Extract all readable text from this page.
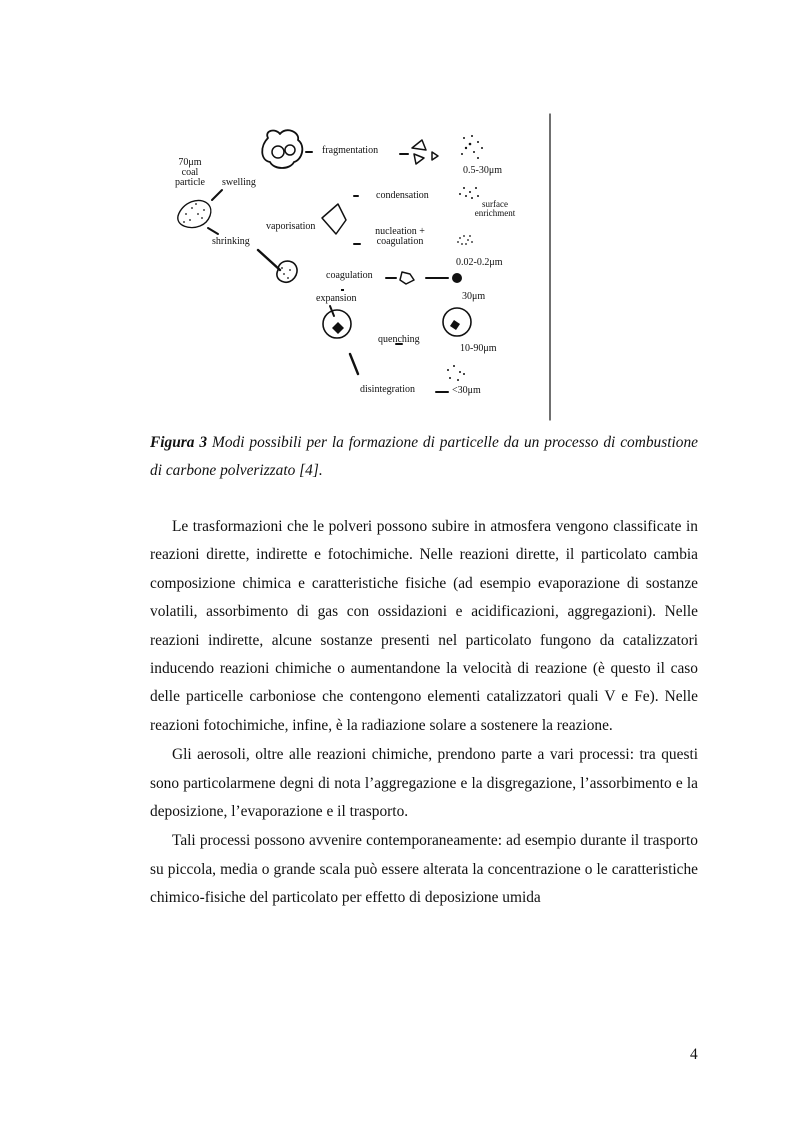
70μm
coal
particle	swelling
fragmentation
0.5-30μm
condensation
surface
enrichment
vaporisation
shrinking
nucleation +
coagulation
0.02-0.2μm
coagulation
expansion	30μm
quenching
10-90μm
disintegration	<30μm
Figura 3 Modi possibili per la formazione di particelle da un processo di combustione di carbone polverizzato [4].

Le trasformazioni che le polveri possono subire in atmosfera vengono classificate in reazioni dirette, indirette e fotochimiche. Nelle reazioni dirette, il particolato cambia composizione chimica e caratteristiche fisiche (ad esempio evaporazione di sostanze volatili, assorbimento di gas con ossidazioni e acidificazioni, aggregazioni). Nelle reazioni indirette, alcune sostanze presenti nel particolato fungono da catalizzatori inducendo reazioni chimiche o aumentandone la velocità di reazione (è questo il caso delle particelle carboniose che contengono elementi catalizzatori quali V e Fe). Nelle reazioni fotochimiche, infine, è la radiazione solare a sostenere la reazione.

Gli aerosoli, oltre alle reazioni chimiche, prendono parte a vari processi: tra questi sono particolarmene degni di nota l’aggregazione e la disgregazione, l’assorbimento e la deposizione, l’evaporazione e il trasporto.

Tali processi possono avvenire contemporaneamente: ad esempio durante il trasporto su piccola, media o grande scala può essere alterata la concentrazione o le caratteristiche chimico-fisiche del particolato per effetto di deposizione umida

4
